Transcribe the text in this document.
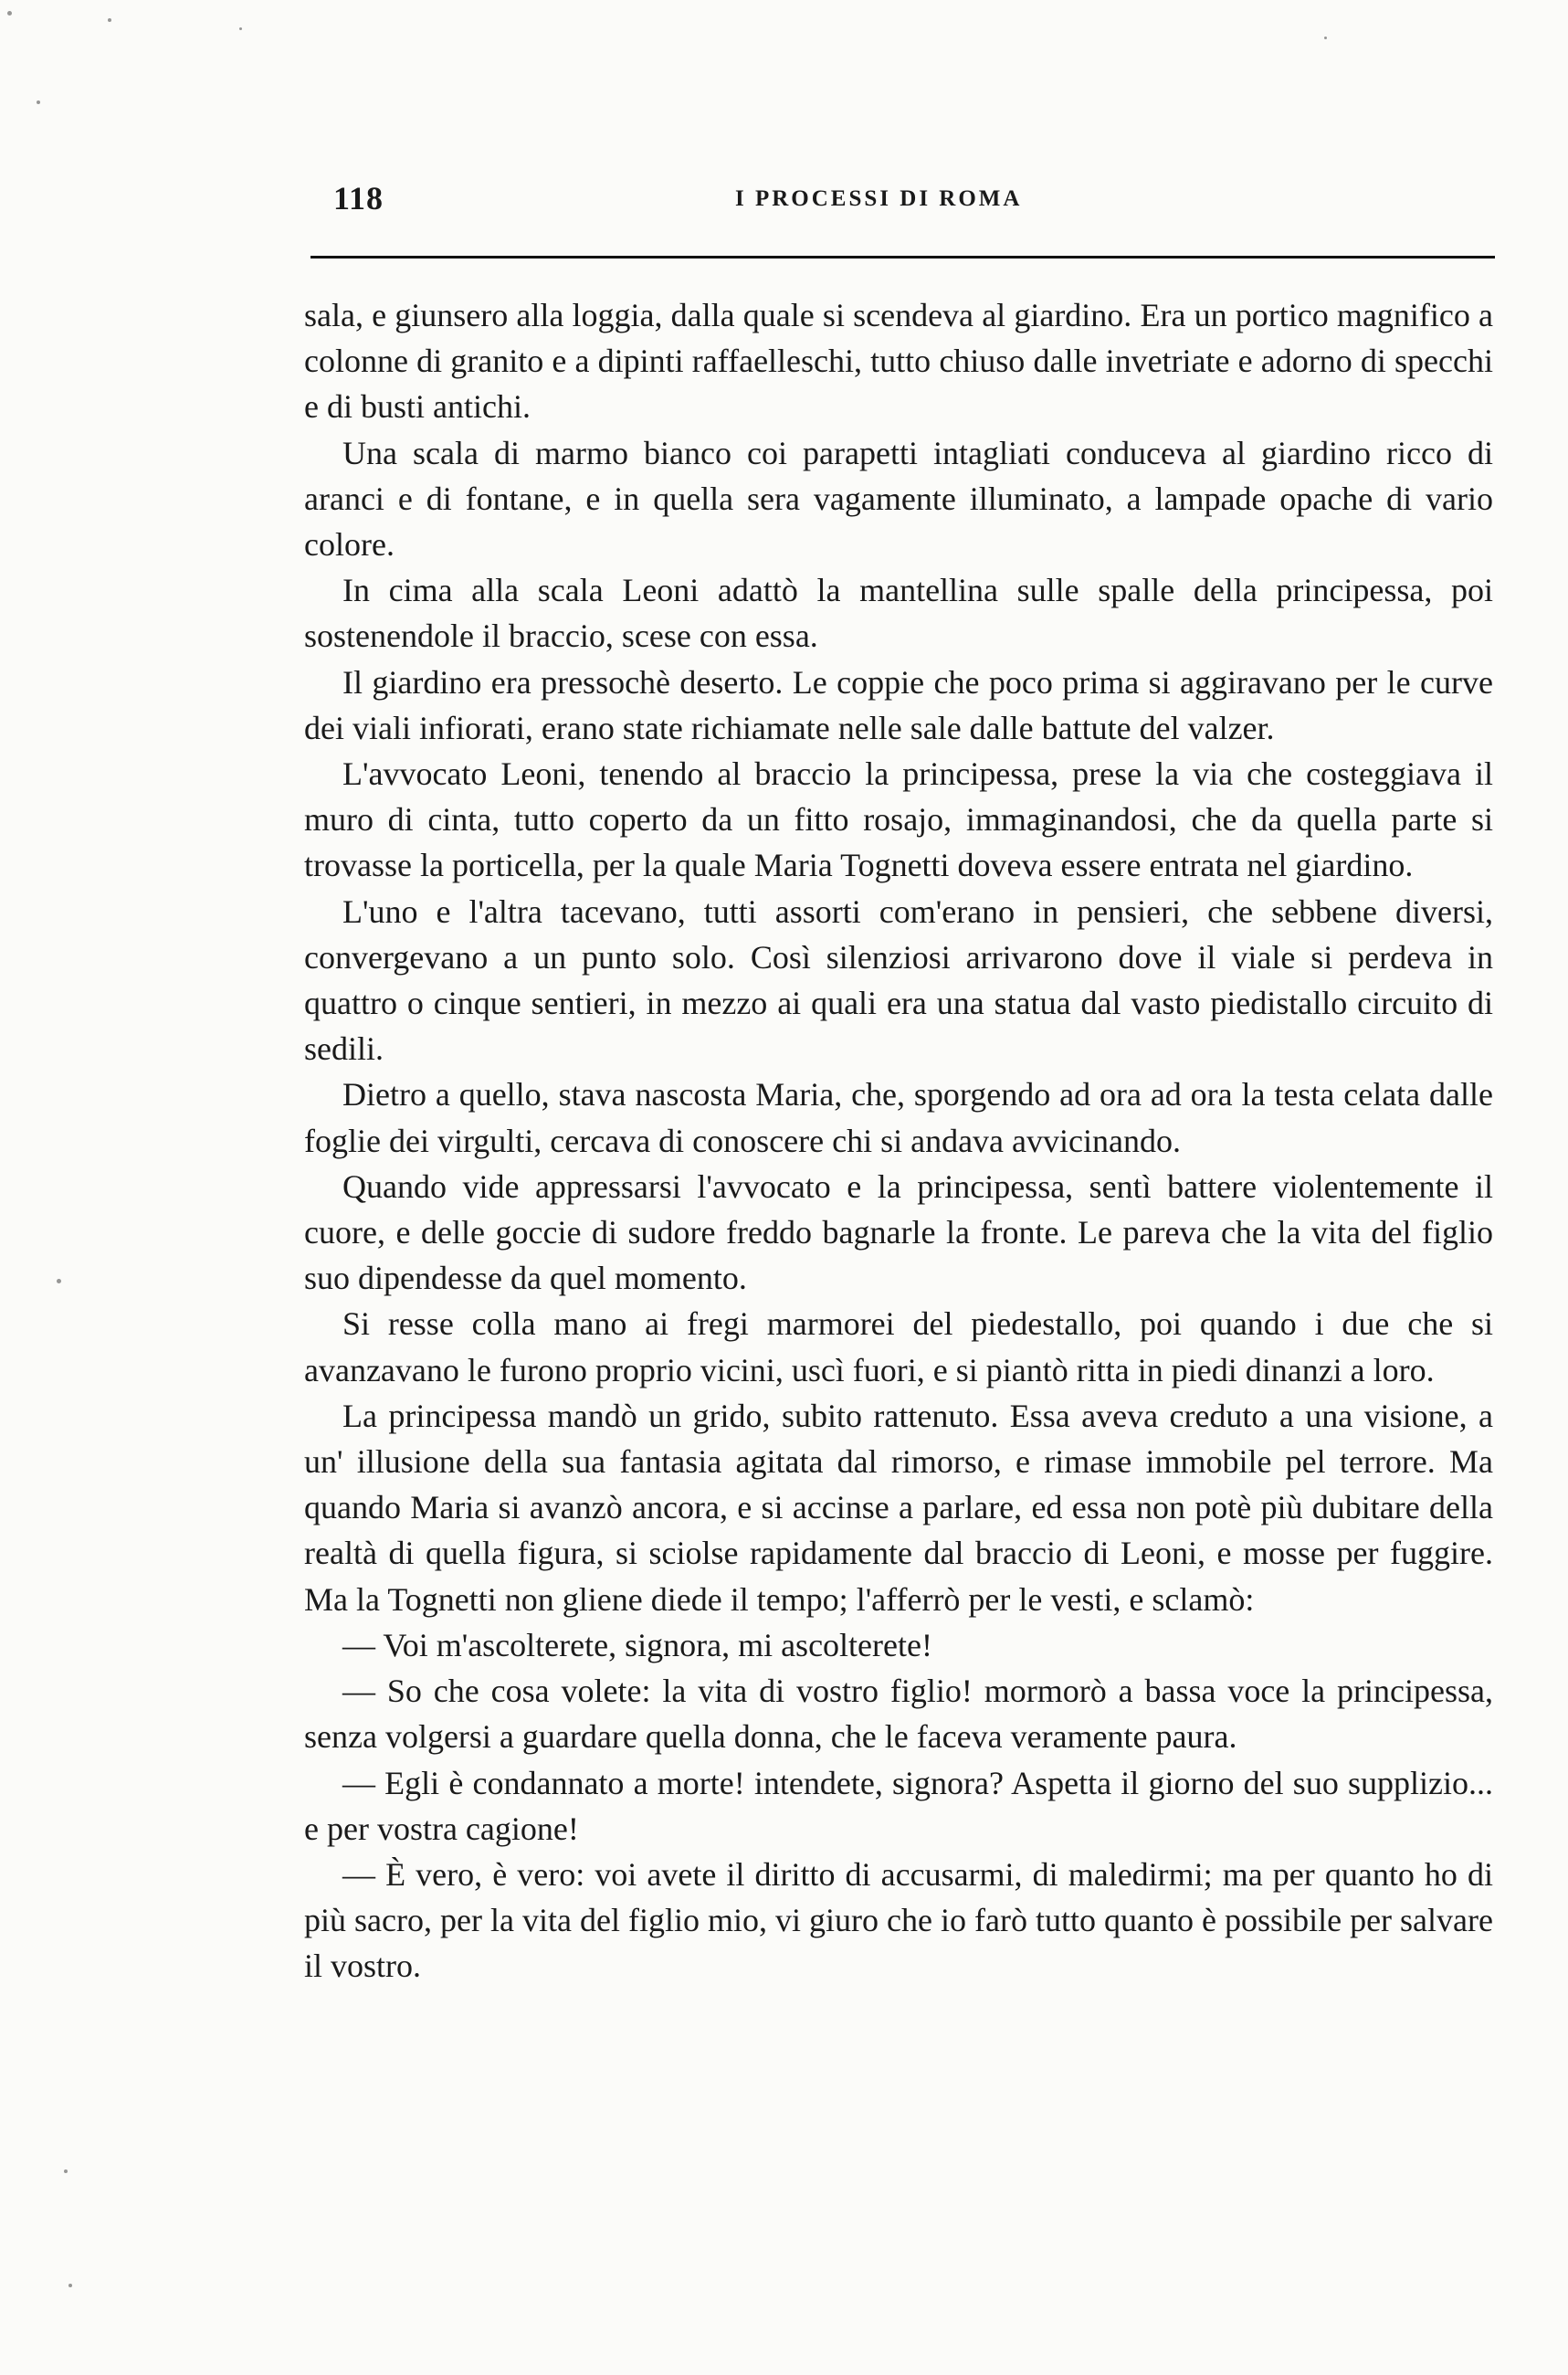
118	I PROCESSI DI ROMA

sala, e giunsero alla loggia, dalla quale si scendeva al giardino. Era un portico magnifico a colonne di granito e a dipinti raffaelleschi, tutto chiuso dalle invetriate e adorno di specchi e di busti antichi.

Una scala di marmo bianco coi parapetti intagliati conduceva al giardino ricco di aranci e di fontane, e in quella sera vagamente illuminato, a lampade opache di vario colore.

In cima alla scala Leoni adattò la mantellina sulle spalle della principessa, poi sostenendole il braccio, scese con essa.

Il giardino era pressochè deserto. Le coppie che poco prima si aggiravano per le curve dei viali infiorati, erano state richiamate nelle sale dalle battute del valzer.

L'avvocato Leoni, tenendo al braccio la principessa, prese la via che costeggiava il muro di cinta, tutto coperto da un fitto rosajo, immaginandosi, che da quella parte si trovasse la porticella, per la quale Maria Tognetti doveva essere entrata nel giardino.

L'uno e l'altra tacevano, tutti assorti com'erano in pensieri, che sebbene diversi, convergevano a un punto solo. Così silenziosi arrivarono dove il viale si perdeva in quattro o cinque sentieri, in mezzo ai quali era una statua dal vasto piedistallo circuito di sedili.

Dietro a quello, stava nascosta Maria, che, sporgendo ad ora ad ora la testa celata dalle foglie dei virgulti, cercava di conoscere chi si andava avvicinando.

Quando vide appressarsi l'avvocato e la principessa, sentì battere violentemente il cuore, e delle goccie di sudore freddo bagnarle la fronte. Le pareva che la vita del figlio suo dipendesse da quel momento.

Si resse colla mano ai fregi marmorei del piedestallo, poi quando i due che si avanzavano le furono proprio vicini, uscì fuori, e si piantò ritta in piedi dinanzi a loro.

La principessa mandò un grido, subito rattenuto. Essa aveva creduto a una visione, a un' illusione della sua fantasia agitata dal rimorso, e rimase immobile pel terrore. Ma quando Maria si avanzò ancora, e si accinse a parlare, ed essa non potè più dubitare della realtà di quella figura, si sciolse rapidamente dal braccio di Leoni, e mosse per fuggire. Ma la Tognetti non gliene diede il tempo; l'afferrò per le vesti, e sclamò:

— Voi m'ascolterete, signora, mi ascolterete!

— So che cosa volete: la vita di vostro figlio! mormorò a bassa voce la principessa, senza volgersi a guardare quella donna, che le faceva veramente paura.

— Egli è condannato a morte! intendete, signora? Aspetta il giorno del suo supplizio... e per vostra cagione!

— È vero, è vero: voi avete il diritto di accusarmi, di maledirmi; ma per quanto ho di più sacro, per la vita del figlio mio, vi giuro che io farò tutto quanto è possibile per salvare il vostro.
